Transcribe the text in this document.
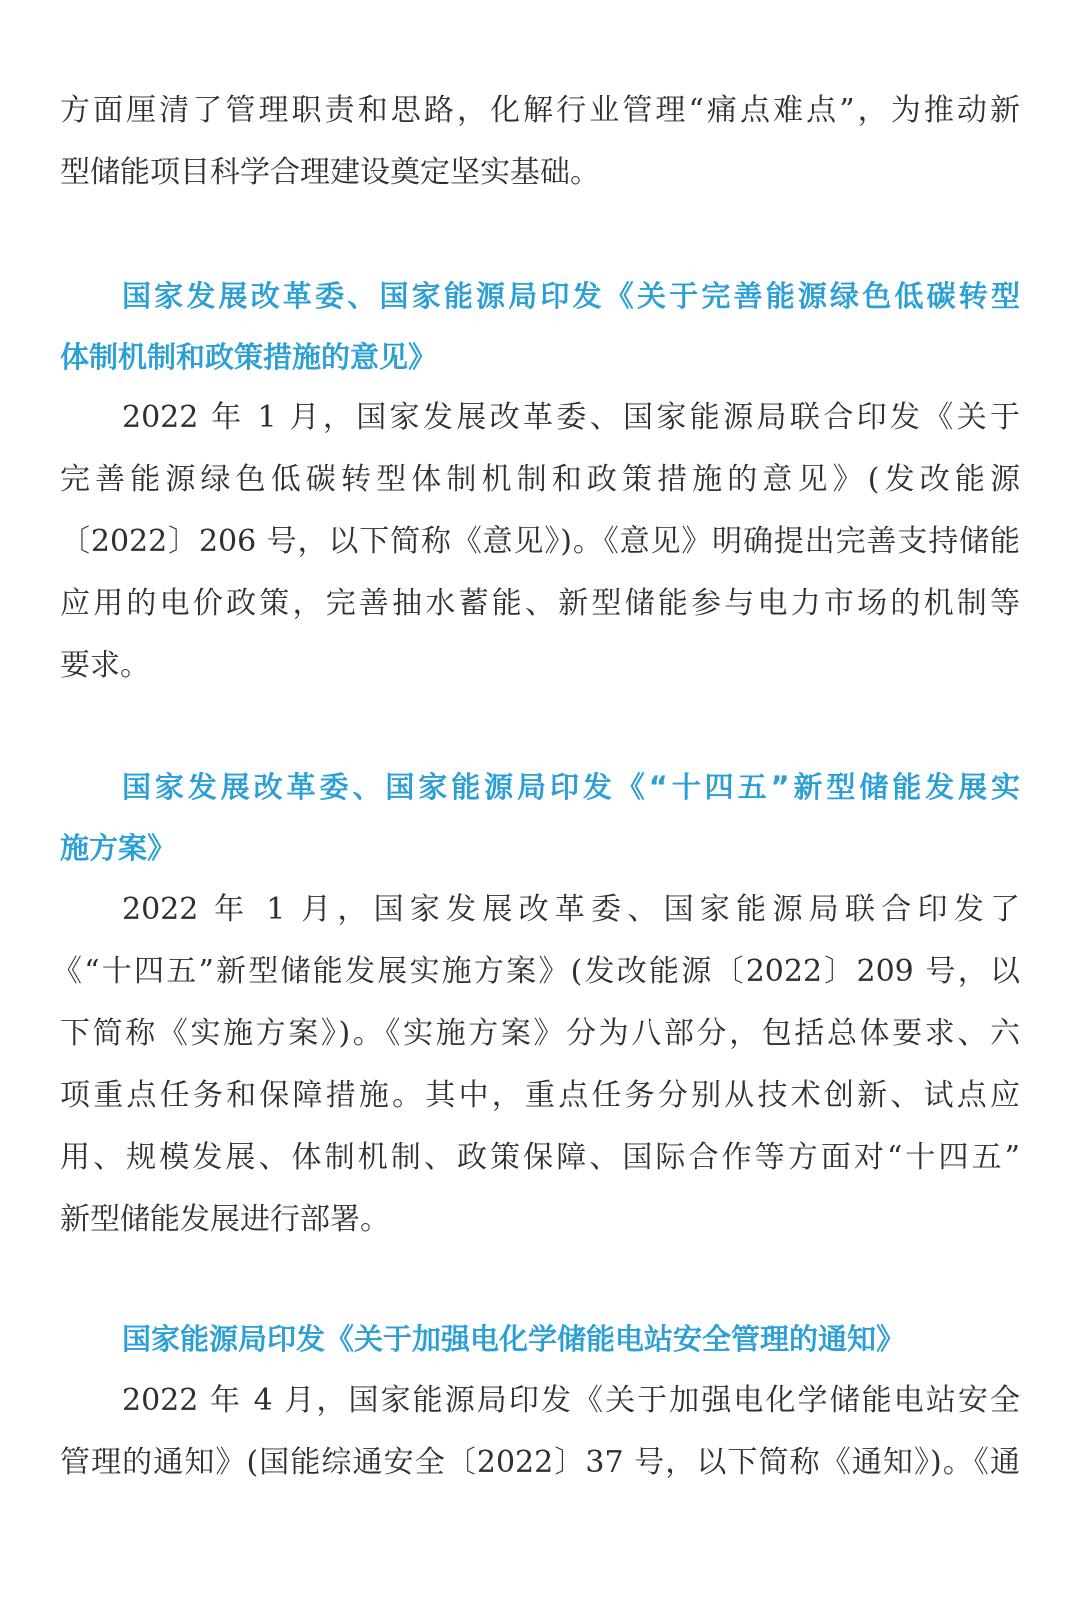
方面厘清了管理职责和思路，化解行业管理“痛点难点”，为推动新
型储能项目科学合理建设奠定坚实基础。
国家发展改革委、国家能源局印发《关于完善能源绿色低碳转型
体制机制和政策措施的意见》
2022 年 1 月，国家发展改革委、国家能源局联合印发《关于
完善能源绿色低碳转型体制机制和政策措施的意见》(发改能源
〔2022〕206 号，以下简称《意见》)。《意见》明确提出完善支持储能
应用的电价政策，完善抽水蓄能、新型储能参与电力市场的机制等
要求。
国家发展改革委、国家能源局印发《“十四五”新型储能发展实
施方案》
2022 年 1 月，国家发展改革委、国家能源局联合印发了
《“十四五”新型储能发展实施方案》(发改能源〔2022〕209 号，以
下简称《实施方案》)。《实施方案》分为八部分，包括总体要求、六
项重点任务和保障措施。其中，重点任务分别从技术创新、试点应
用、规模发展、体制机制、政策保障、国际合作等方面对“十四五”
新型储能发展进行部署。
国家能源局印发《关于加强电化学储能电站安全管理的通知》
2022 年 4 月，国家能源局印发《关于加强电化学储能电站安全
管理的通知》(国能综通安全〔2022〕37 号，以下简称《通知》)。《通
